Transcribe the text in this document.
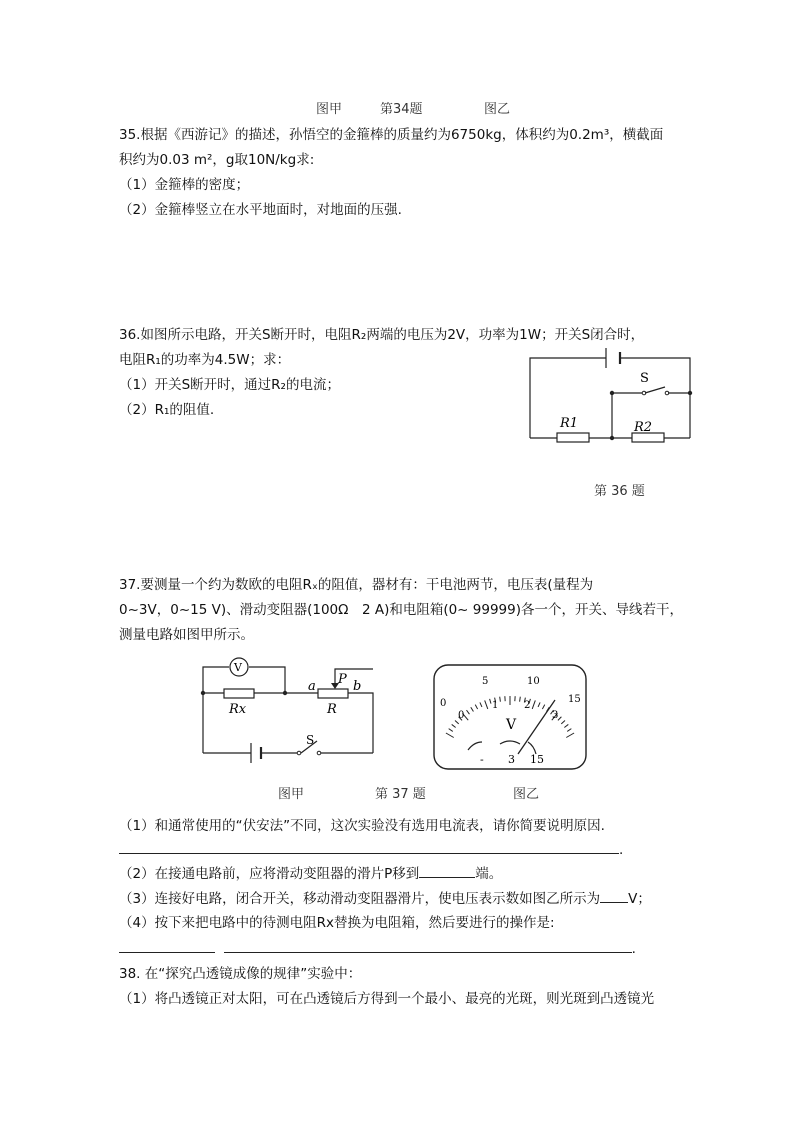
图甲	第34题	图乙
35.根据《西游记》的描述，孙悟空的金箍棒的质量约为6750kg，体积约为0.2m³，横截面
积约为0.03 m²，g取10N/kg求:
（1）金箍棒的密度；
（2）金箍棒竖立在水平地面时，对地面的压强.
36.如图所示电路，开关S断开时，电阻R₂两端的电压为2V，功率为1W；开关S闭合时，
电阻R₁的功率为4.5W；求：
（1）开关S断开时，通过R₂的电流；
（2）R₁的阻值.
S
R1	R2
第 36 题
37.要测量一个约为数欧的电阻Rₓ的阻值，器材有：干电池两节，电压表(量程为
0~3V，0~15 V)、滑动变阻器(100Ω　2 A)和电阻箱(0~ 99999)各一个，开关、导线若干，
测量电路如图甲所示。
V
Rx	R
a P b
S
V
- 3 15
0
5	10
15
0
1	2
3
图甲	第 37 题	图乙
（1）和通常使用的“伏安法”不同，这次实验没有选用电流表，请你简要说明原因.
.
（2）在接通电路前，应将滑动变阻器的滑片P移到	端。
（3）连接好电路，闭合开关，移动滑动变阻器滑片，使电压表示数如图乙所示为 V；
（4）按下来把电路中的待测电阻Rx替换为电阻箱，然后要进行的操作是:
.
38. 在“探究凸透镜成像的规律”实验中：
（1）将凸透镜正对太阳，可在凸透镜后方得到一个最小、最亮的光斑，则光斑到凸透镜光
